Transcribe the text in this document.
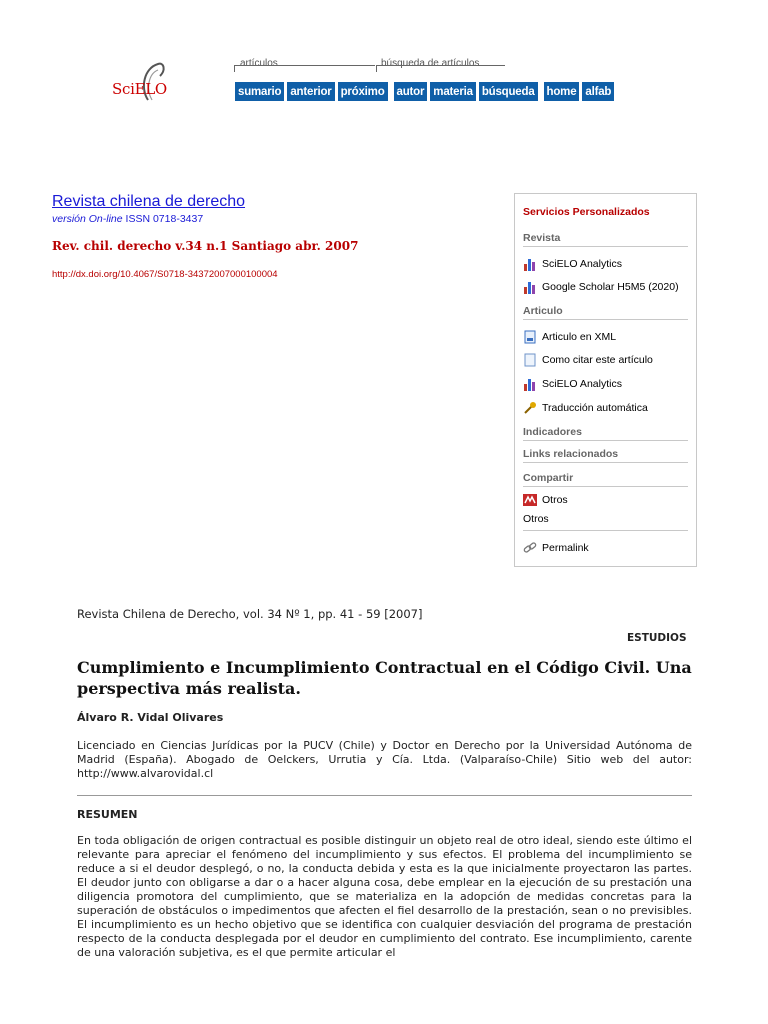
SciELO
artículos	búsqueda de artículos
sumario anterior próximo	autor materia búsqueda	home alfab
Revista chilena de derecho
versión On-line ISSN 0718-3437
Rev. chil. derecho v.34 n.1 Santiago abr. 2007
http://dx.doi.org/10.4067/S0718-34372007000100004
Servicios Personalizados
Revista
SciELO Analytics
Google Scholar H5M5 (2020)
Articulo
Articulo en XML
Como citar este artículo
SciELO Analytics
Traducción automática
Indicadores
Links relacionados
Compartir
Otros
Otros
Permalink
Revista Chilena de Derecho, vol. 34 Nº 1, pp. 41 - 59 [2007]
ESTUDIOS
Cumplimiento e Incumplimiento Contractual en el Código Civil. Una perspectiva más realista.
Álvaro R. Vidal Olivares
Licenciado en Ciencias Jurídicas por la PUCV (Chile) y Doctor en Derecho por la Universidad Autónoma de Madrid (España). Abogado de Oelckers, Urrutia y Cía. Ltda. (Valparaíso-Chile) Sitio web del autor: http://www.alvarovidal.cl
RESUMEN
En toda obligación de origen contractual es posible distinguir un objeto real de otro ideal, siendo este último el relevante para apreciar el fenómeno del incumplimiento y sus efectos. El problema del incumplimiento se reduce a si el deudor desplegó, o no, la conducta debida y esta es la que inicialmente proyectaron las partes. El deudor junto con obligarse a dar o a hacer alguna cosa, debe emplear en la ejecución de su prestación una diligencia promotora del cumplimiento, que se materializa en la adopción de medidas concretas para la superación de obstáculos o impedimentos que afecten el fiel desarrollo de la prestación, sean o no previsibles. El incumplimiento es un hecho objetivo que se identifica con cualquier desviación del programa de prestación respecto de la conducta desplegada por el deudor en cumplimiento del contrato. Ese incumplimiento, carente de una valoración subjetiva, es el que permite articular el
